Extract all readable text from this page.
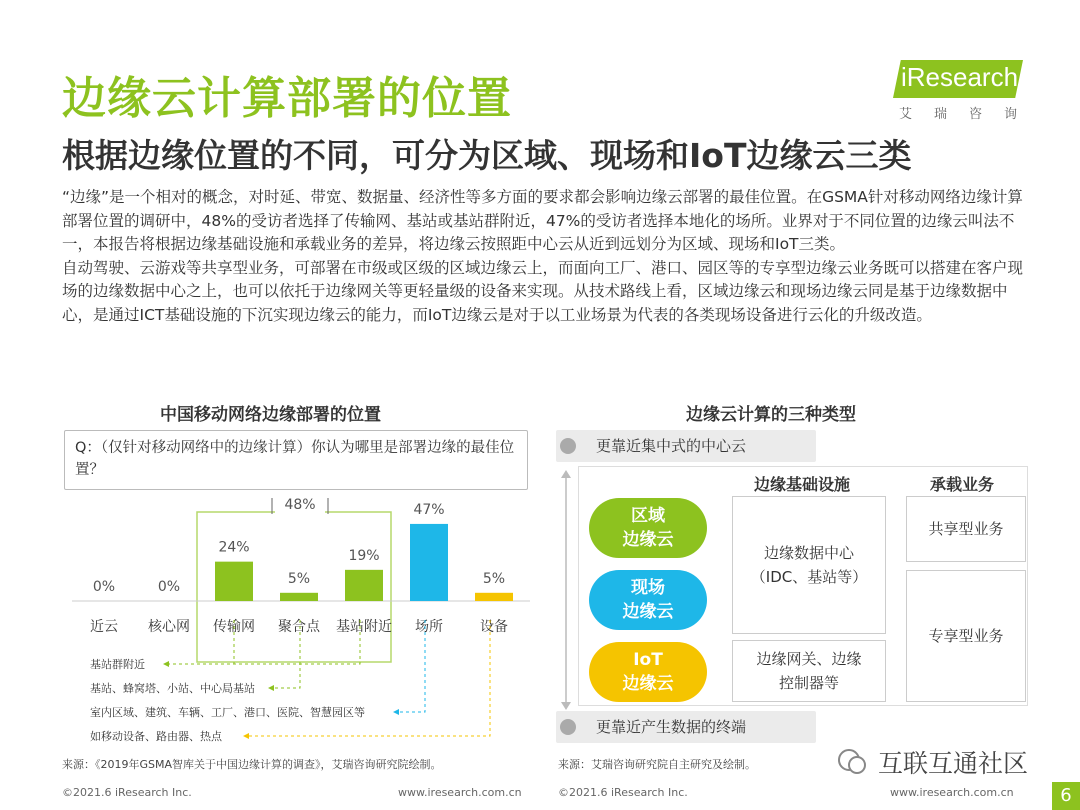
边缘云计算部署的位置
根据边缘位置的不同，可分为区域、现场和IoT边缘云三类
iResearch
艾瑞咨询

“边缘”是一个相对的概念，对时延、带宽、数据量、经济性等多方面的要求都会影响边缘云部署的最佳位置。在GSMA针对移动网络边缘计算部署位置的调研中，48%的受访者选择了传输网、基站或基站群附近，47%的受访者选择本地化的场所。业界对于不同位置的边缘云叫法不一，本报告将根据边缘基础设施和承载业务的差异，将边缘云按照距中心云从近到远划分为区域、现场和IoT三类。

自动驾驶、云游戏等共享型业务，可部署在市级或区级的区域边缘云上，而面向工厂、港口、园区等的专享型边缘云业务既可以搭建在客户现场的边缘数据中心之上，也可以依托于边缘网关等更轻量级的设备来实现。从技术路线上看，区域边缘云和现场边缘云同是基于边缘数据中心，是通过ICT基础设施的下沉实现边缘云的能力，而IoT边缘云是对于以工业场景为代表的各类现场设备进行云化的升级改造。

中国移动网络边缘部署的位置
Q：（仅针对移动网络中的边缘计算）你认为哪里是部署边缘的最佳位置？
48%
0%
近云
0%
核心网
24%
传输网
5%
聚合点
19%
基站附近
47%
场所
5%
设备
基站群附近
基站、蜂窝塔、小站、中心局基站
室内区域、建筑、车辆、工厂、港口、医院、智慧园区等
如移动设备、路由器、热点
来源：《2019年GSMA智库关于中国边缘计算的调查》，艾瑞咨询研究院绘制。
©2021.6 iResearch Inc.	www.iresearch.com.cn
边缘云计算的三种类型
更靠近集中式的中心云
更靠近产生数据的终端
边缘基础设施	承载业务
区域
边缘云
现场
边缘云
IoT
边缘云
边缘数据中心
（IDC、基站等）
边缘网关、边缘
控制器等
共享型业务
专享型业务
来源：艾瑞咨询研究院自主研究及绘制。
©2021.6 iResearch Inc.	www.iresearch.com.cn
互联互通社区
6
